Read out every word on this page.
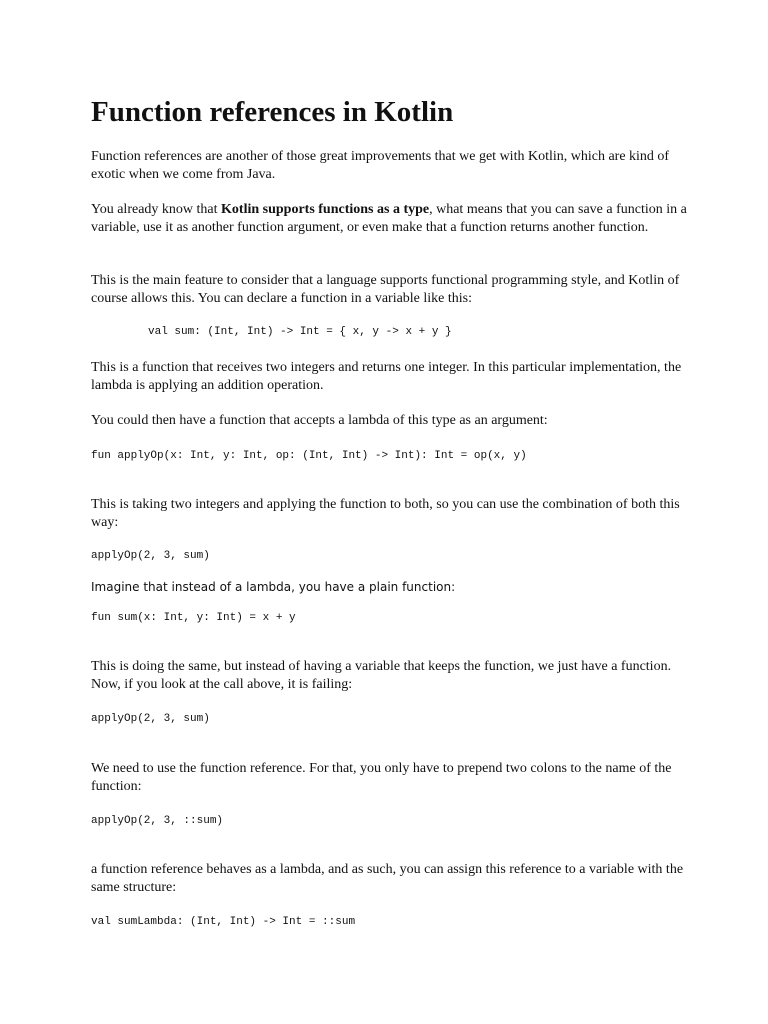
Function references in Kotlin

Function references are another of those great improvements that we get with Kotlin, which are kind of exotic when we come from Java.

You already know that Kotlin supports functions as a type, what means that you can save a function in a variable, use it as another function argument, or even make that a function returns another function.

This is the main feature to consider that a language supports functional programming style, and Kotlin of course allows this. You can declare a function in a variable like this:

val sum: (Int, Int) -> Int = { x, y -> x + y }

This is a function that receives two integers and returns one integer. In this particular implementation, the lambda is applying an addition operation.

You could then have a function that accepts a lambda of this type as an argument:

fun applyOp(x: Int, y: Int, op: (Int, Int) -> Int): Int = op(x, y)

This is taking two integers and applying the function to both, so you can use the combination of both this way:

applyOp(2, 3, sum)

Imagine that instead of a lambda, you have a plain function:

fun sum(x: Int, y: Int) = x + y

This is doing the same, but instead of having a variable that keeps the function, we just have a function. Now, if you look at the call above, it is failing:

applyOp(2, 3, sum)

We need to use the function reference. For that, you only have to prepend two colons to the name of the function:

applyOp(2, 3, ::sum)

a function reference behaves as a lambda, and as such, you can assign this reference to a variable with the same structure:

val sumLambda: (Int, Int) -> Int = ::sum
